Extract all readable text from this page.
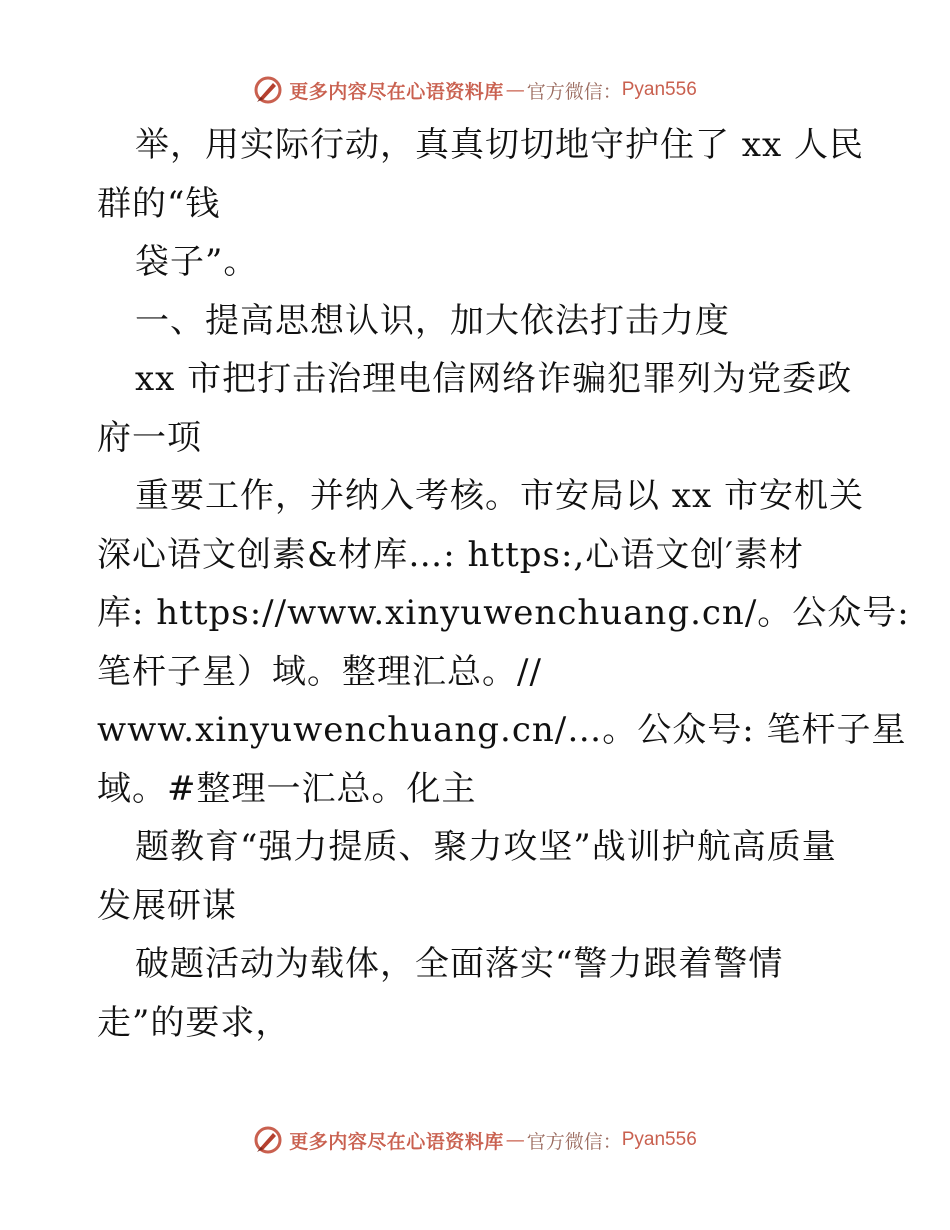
更多内容尽在心语资料库 — 官方微信： Pyan556
举，用实际行动，真真切切地守护住了 xx 人民
群的“钱
袋子”。
一、提高思想认识，加大依法打击力度
xx 市把打击治理电信网络诈骗犯罪列为党委政
府一项
重要工作，并纳入考核。市安局以 xx 市安机关
深心语文创素&材库…: https:,心语文创′素材
库: https://www.xinyuwenchuang.cn/。公众号:
笔杆子星）域。整理汇总。//
www.xinyuwenchuang.cn/…。公众号: 笔杆子星
域。#整理一汇总。化主
题教育“强力提质、聚力攻坚”战训护航高质量
发展研谋
破题活动为载体，全面落实“警力跟着警情
走”的要求，
更多内容尽在心语资料库 — 官方微信： Pyan556
